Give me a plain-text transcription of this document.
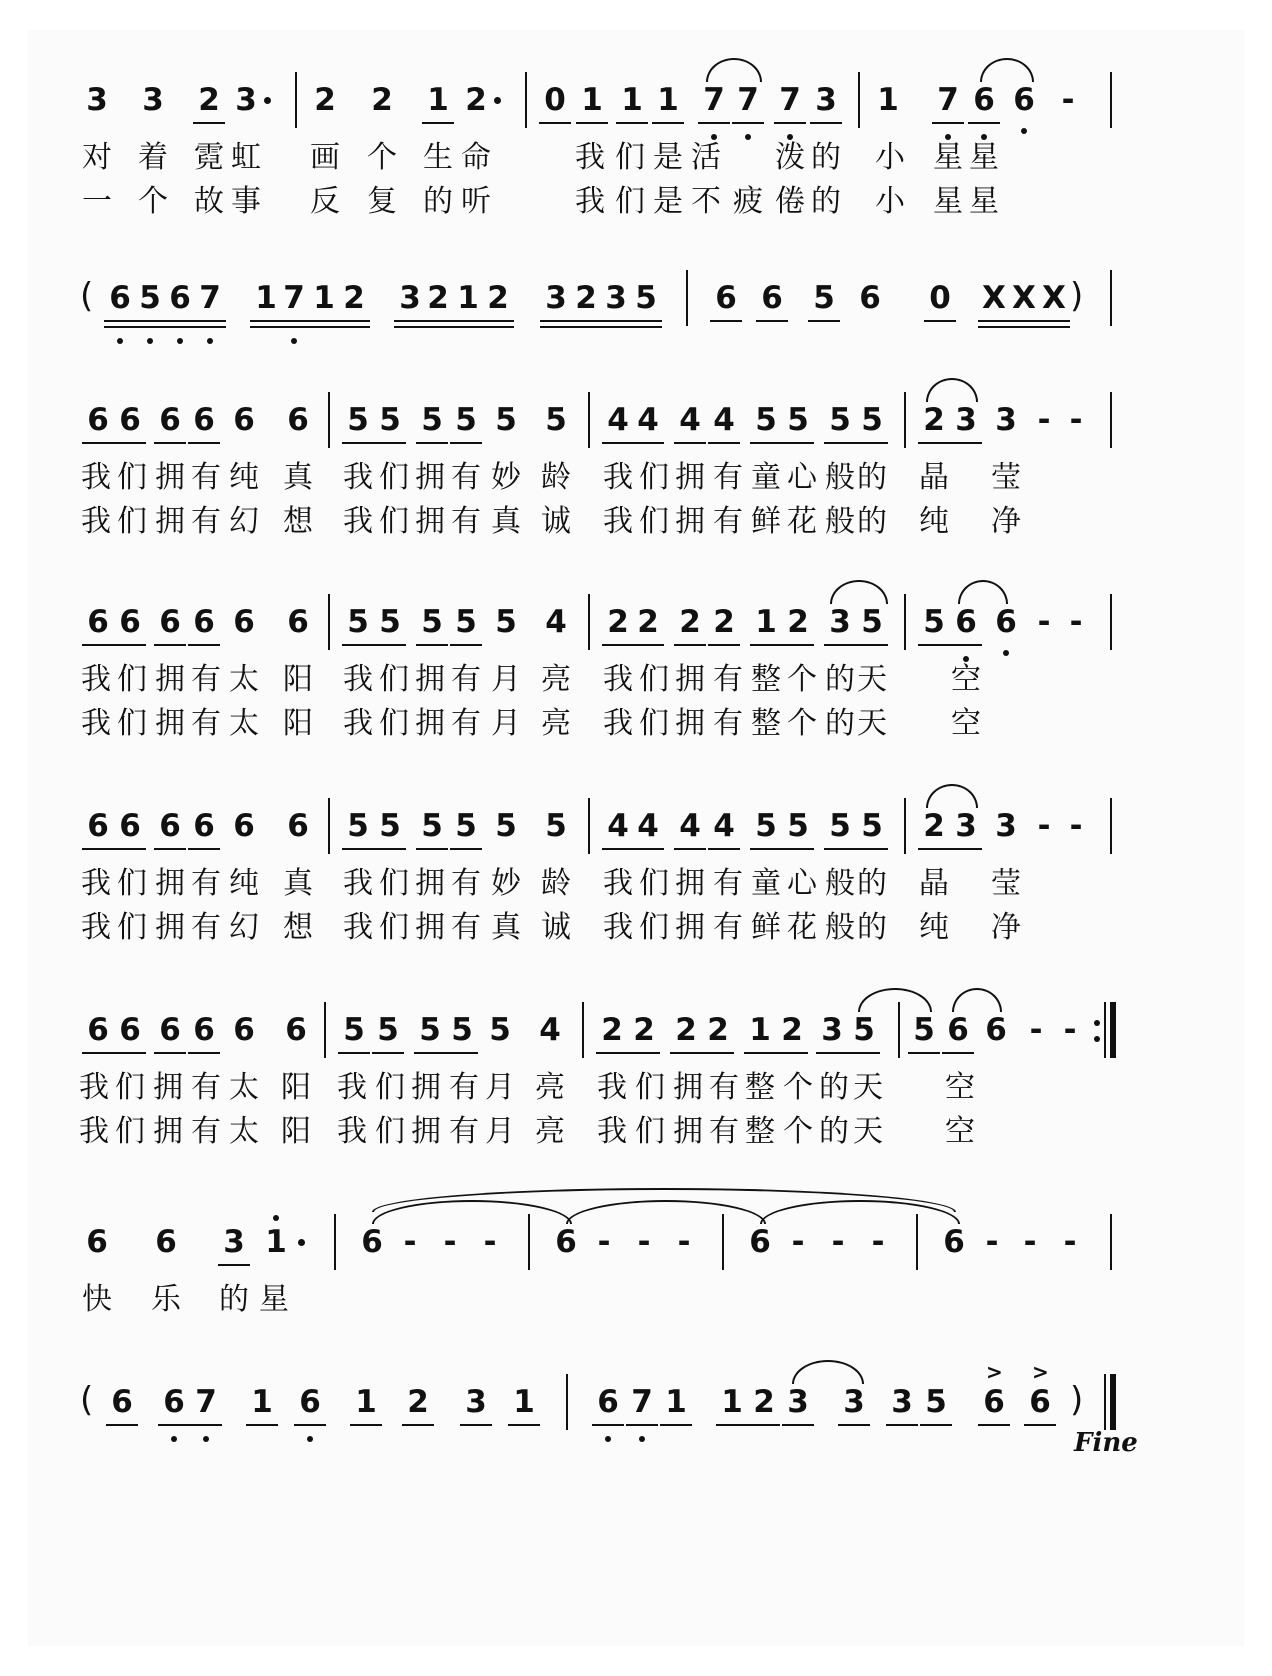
3 3 2 3 2 2 1 2 0 1 1 1 7 7 7 3 1 7 6 6 -
对 着 霓 虹 画 个 生 命	我 们 是 活 泼 的 小 星 星
一 个 故 事 反 复 的 听	我 们 是 不 疲 倦 的 小 星 星
( 6 5 6 7 1 7 1 2 3 2 1 2 3 2 3 5 6 6 5 6 0 X X X )
6 6 6 6 6 6 5 5 5 5 5 5 4 4 4 4 5 5 5 5 2 3 3 - -
我 们 拥 有 纯 真 我 们 拥 有 妙 龄 我 们 拥 有 童 心 般 的 晶 莹
我 们 拥 有 幻 想 我 们 拥 有 真 诚 我 们 拥 有 鲜 花 般 的 纯 净
6 6 6 6 6 6 5 5 5 5 5 4 2 2 2 2 1 2 3 5 5 6 6 - -
我 们 拥 有 太 阳 我 们 拥 有 月 亮 我 们 拥 有 整 个 的 天 空
我 们 拥 有 太 阳 我 们 拥 有 月 亮 我 们 拥 有 整 个 的 天 空
6 6 6 6 6 6 5 5 5 5 5 5 4 4 4 4 5 5 5 5 2 3 3 - -
我 们 拥 有 纯 真 我 们 拥 有 妙 龄 我 们 拥 有 童 心 般 的 晶 莹
我 们 拥 有 幻 想 我 们 拥 有 真 诚 我 们 拥 有 鲜 花 般 的 纯 净
6 6 6 6 6 6 5 5 5 5 5 4 2 2 2 2 1 2 3 5 5 6 6 - -
我 们 拥 有 太 阳 我 们 拥 有 月 亮 我 们 拥 有 整 个 的 天 空
我 们 拥 有 太 阳 我 们 拥 有 月 亮 我 们 拥 有 整 个 的 天 空
6 6 3 1 6 - - -	6 - - -	6 - - -	6 - - -
快 乐 的 星
( 6 6 7 1 6 1 2 3 1 6 7 1 1 2 3 3 3 5 6
>
6
>
)
Fine
